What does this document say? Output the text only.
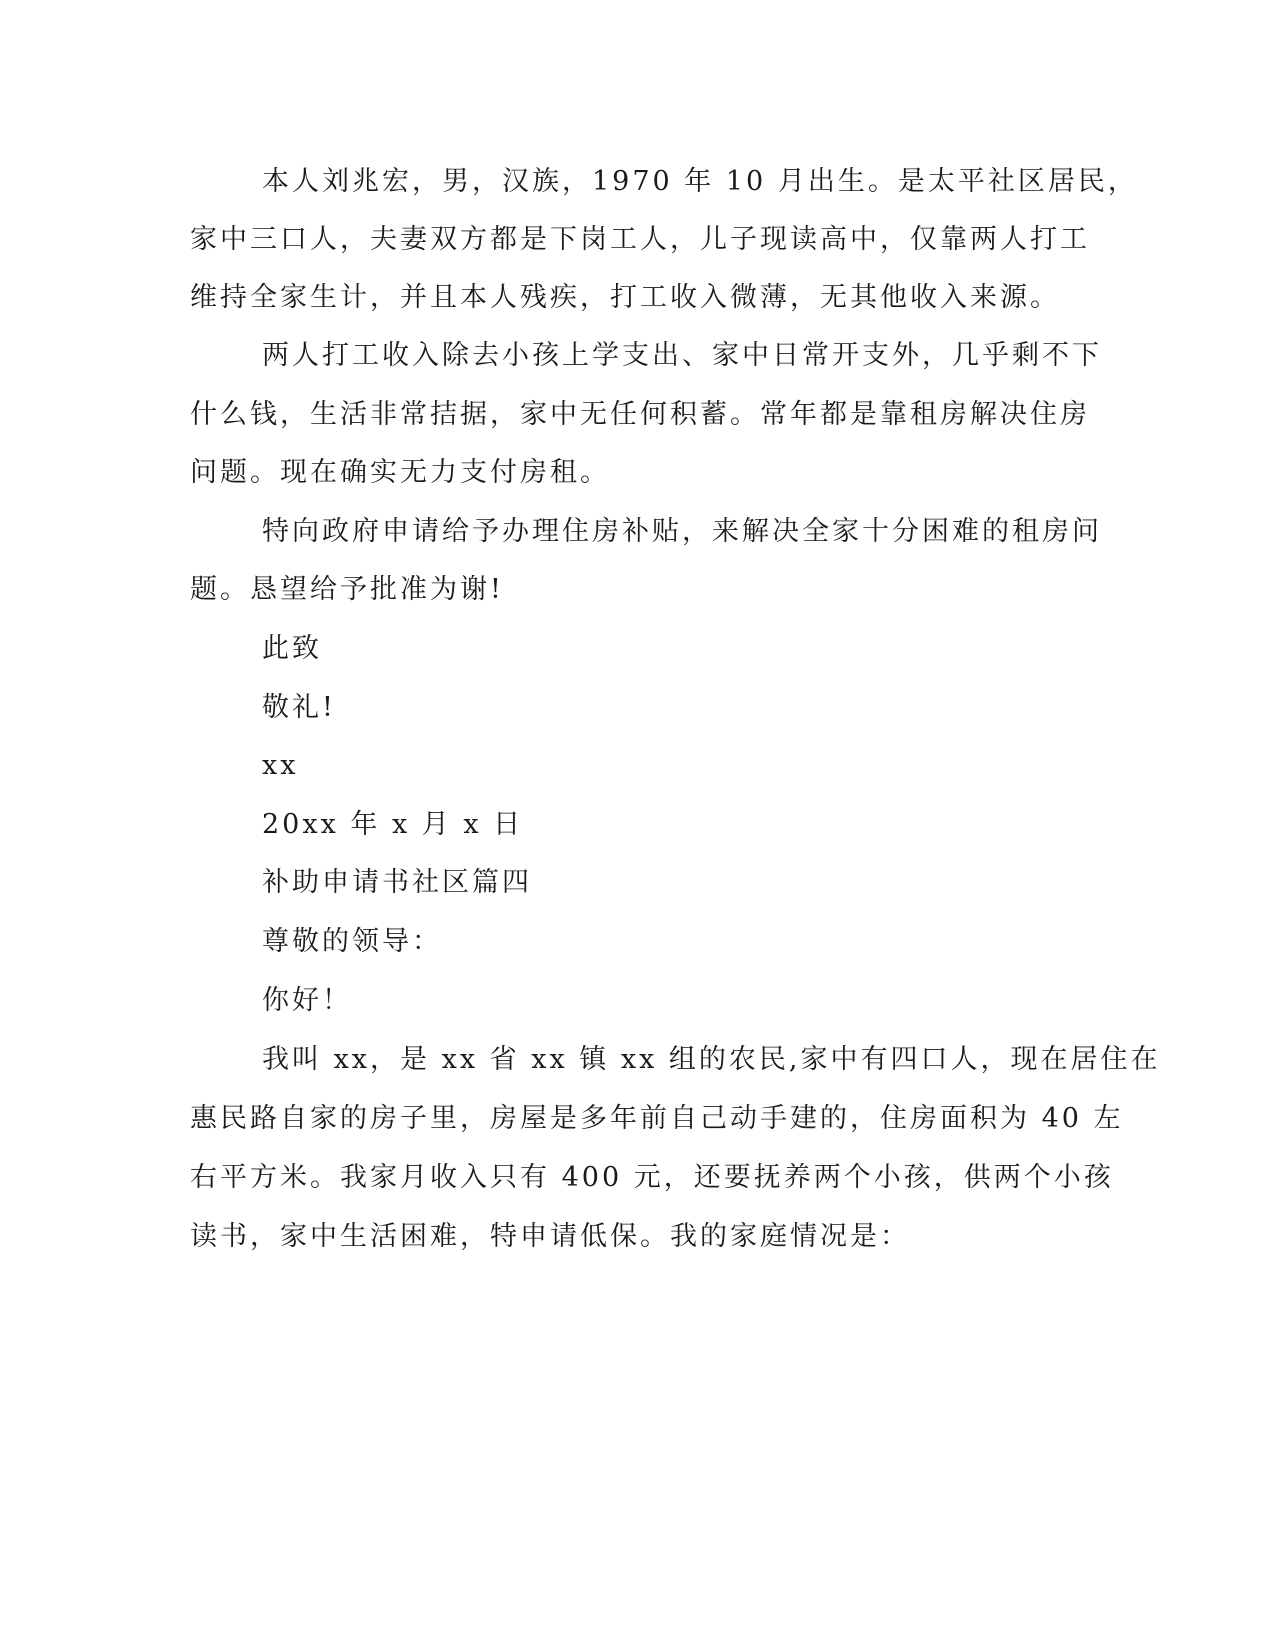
本人刘兆宏，男，汉族，1970 年 10 月出生。是太平社区居民，
家中三口人，夫妻双方都是下岗工人，儿子现读高中，仅靠两人打工
维持全家生计，并且本人残疾，打工收入微薄，无其他收入来源。
两人打工收入除去小孩上学支出、家中日常开支外，几乎剩不下
什么钱，生活非常拮据，家中无任何积蓄。常年都是靠租房解决住房
问题。现在确实无力支付房租。
特向政府申请给予办理住房补贴，来解决全家十分困难的租房问
题。恳望给予批准为谢!
此致
敬礼!
xx
20xx 年 x 月 x 日
补助申请书社区篇四
尊敬的领导：
你好！
我叫 xx，是 xx 省 xx 镇 xx 组的农民,家中有四口人，现在居住在
惠民路自家的房子里，房屋是多年前自己动手建的，住房面积为 40 左
右平方米。我家月收入只有 400 元，还要抚养两个小孩，供两个小孩
读书，家中生活困难，特申请低保。我的家庭情况是：
